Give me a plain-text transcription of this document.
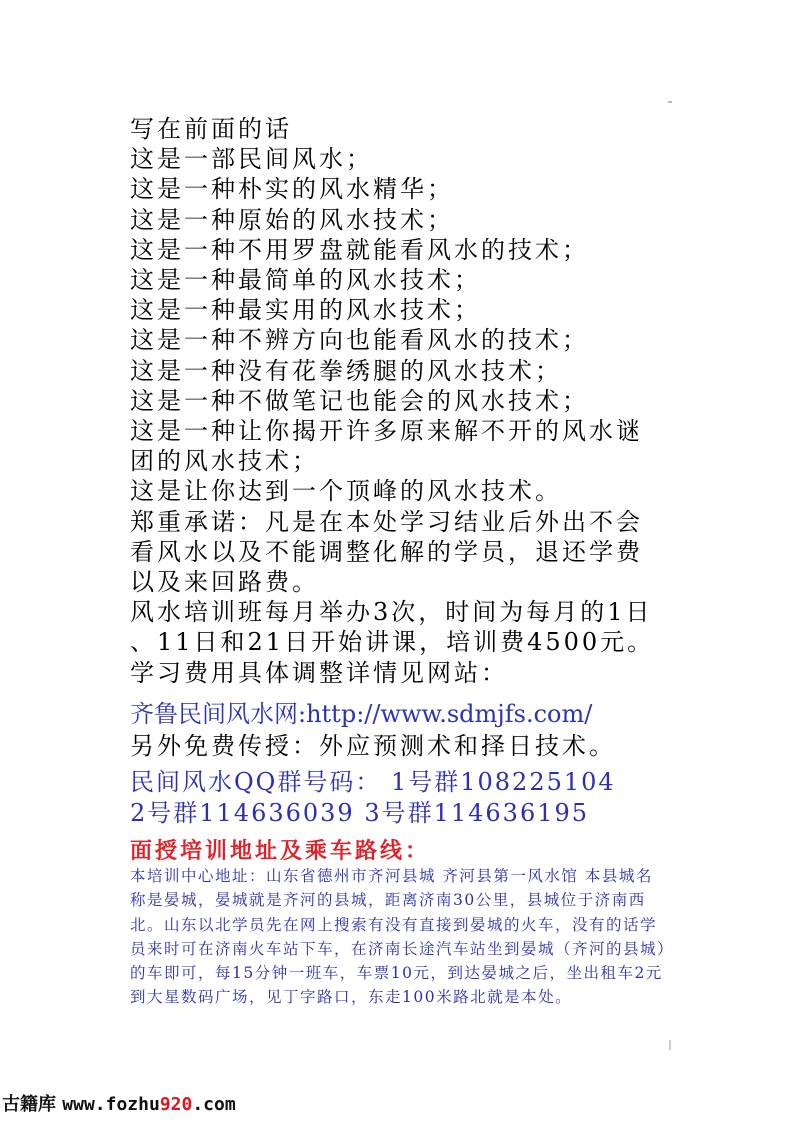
写在前面的话
这是一部民间风水；
这是一种朴实的风水精华；
这是一种原始的风水技术；
这是一种不用罗盘就能看风水的技术；
这是一种最简单的风水技术；
这是一种最实用的风水技术；
这是一种不辨方向也能看风水的技术；
这是一种没有花拳绣腿的风水技术；
这是一种不做笔记也能会的风水技术；
这是一种让你揭开许多原来解不开的风水谜
团的风水技术；
这是让你达到一个顶峰的风水技术。
郑重承诺：凡是在本处学习结业后外出不会
看风水以及不能调整化解的学员，退还学费
以及来回路费。
风水培训班每月举办3次，时间为每月的1日
、11日和21日开始讲课，培训费4500元。
学习费用具体调整详情见网站：
齐鲁民间风水网:http://www.sdmjfs.com/
另外免费传授：外应预测术和择日技术。
民间风水QQ群号码： 1号群108225104
2号群114636039 3号群114636195
面授培训地址及乘车路线：
本培训中心地址：山东省德州市齐河县城 齐河县第一风水馆 本县城名称是晏城，晏城就是齐河的县城，距离济南30公里，县城位于济南西北。山东以北学员先在网上搜索有没有直接到晏城的火车，没有的话学员来时可在济南火车站下车，在济南长途汽车站坐到晏城（齐河的县城）的车即可，每15分钟一班车，车票10元，到达晏城之后，坐出租车2元到大星数码广场，见丁字路口，东走100米路北就是本处。
古籍库 www.fozhu920.com
